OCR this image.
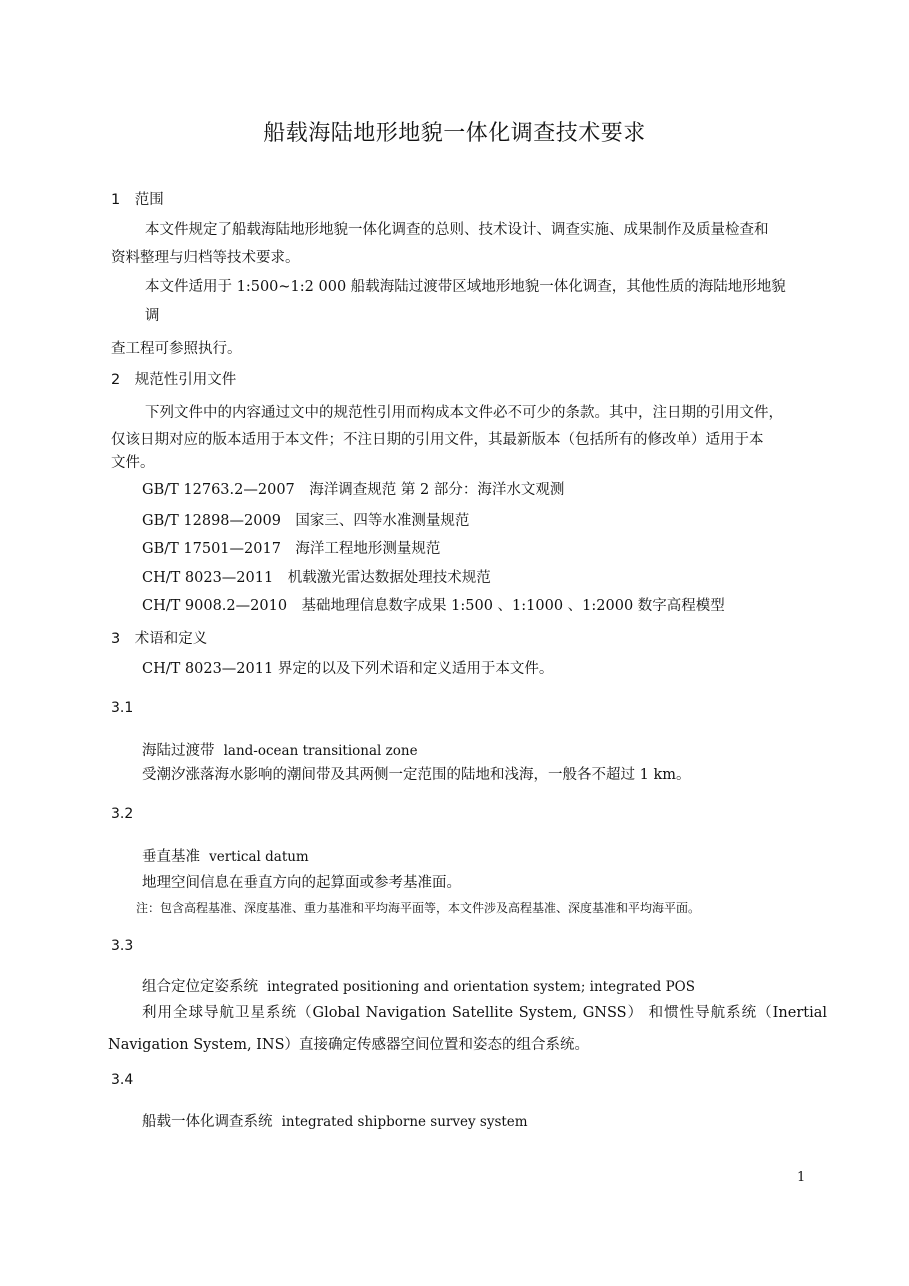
船载海陆地形地貌一体化调查技术要求
1　范围
本文件规定了船载海陆地形地貌一体化调查的总则、技术设计、调查实施、成果制作及质量检查和
资料整理与归档等技术要求。
本文件适用于 1:500~1:2 000 船载海陆过渡带区域地形地貌一体化调查，其他性质的海陆地形地貌
调
查工程可参照执行。
2　规范性引用文件
下列文件中的内容通过文中的规范性引用而构成本文件必不可少的条款。其中，注日期的引用文件，
仅该日期对应的版本适用于本文件；不注日期的引用文件，其最新版本（包括所有的修改单）适用于本
文件。
GB/T 12763.2—2007　海洋调查规范 第 2 部分：海洋水文观测
GB/T 12898—2009　国家三、四等水准测量规范
GB/T 17501—2017　海洋工程地形测量规范
CH/T 8023—2011　机载激光雷达数据处理技术规范
CH/T 9008.2—2010　基础地理信息数字成果 1:500 、1:1000 、1:2000 数字高程模型
3　术语和定义
CH/T 8023—2011 界定的以及下列术语和定义适用于本文件。
3.1
海陆过渡带 land-ocean transitional zone
受潮汐涨落海水影响的潮间带及其两侧一定范围的陆地和浅海，一般各不超过 1 km。
3.2
垂直基准 vertical datum
地理空间信息在垂直方向的起算面或参考基准面。
注：包含高程基准、深度基准、重力基准和平均海平面等，本文件涉及高程基准、深度基准和平均海平面。
3.3
组合定位定姿系统 integrated positioning and orientation system; integrated POS
利用全球导航卫星系统（Global Navigation Satellite System, GNSS） 和惯性导航系统（Inertial
Navigation System, INS）直接确定传感器空间位置和姿态的组合系统。
3.4
船载一体化调查系统 integrated shipborne survey system
1
